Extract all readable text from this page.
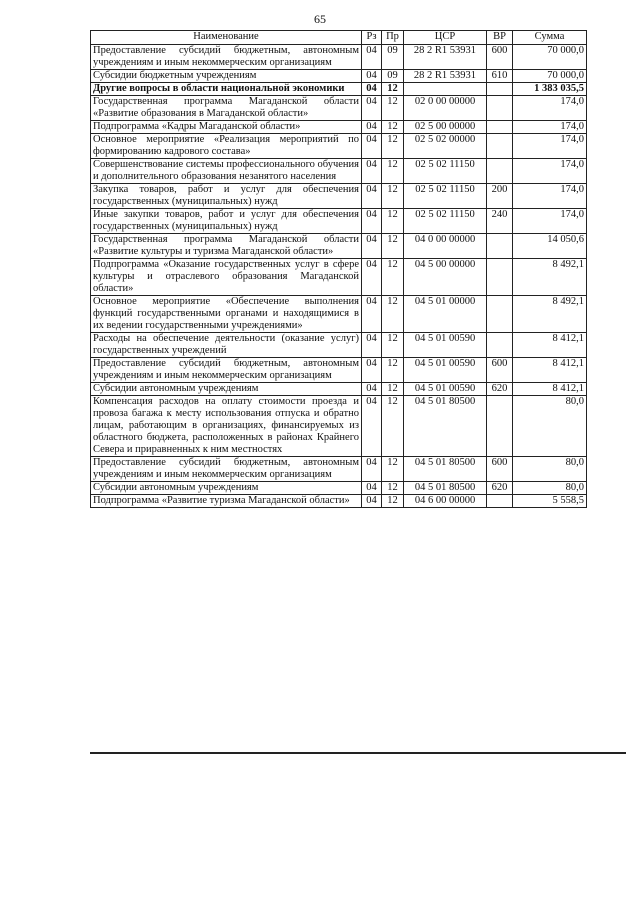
65
Наименование	Рз	Пр	ЦСР	ВР	Сумма
Предоставление субсидий бюджетным, автономным учреждениям и иным некоммерческим организациям	04	09	28 2 R1 53931	600	70 000,0
Субсидии бюджетным учреждениям	04	09	28 2 R1 53931	610	70 000,0
Другие вопросы в области национальной экономики	04	12			1 383 035,5
Государственная программа Магаданской области «Развитие образования в Магаданской области»	04	12	02 0 00 00000		174,0
Подпрограмма «Кадры Магаданской области»	04	12	02 5 00 00000		174,0
Основное мероприятие «Реализация мероприятий по формированию кадрового состава»	04	12	02 5 02 00000		174,0
Совершенствование системы профессионального обучения и дополнительного образования незанятого населения	04	12	02 5 02 11150		174,0
Закупка товаров, работ и услуг для обеспечения государственных (муниципальных) нужд	04	12	02 5 02 11150	200	174,0
Иные закупки товаров, работ и услуг для обеспечения государственных (муниципальных) нужд	04	12	02 5 02 11150	240	174,0
Государственная программа Магаданской области «Развитие культуры и туризма Магаданской области»	04	12	04 0 00 00000		14 050,6
Подпрограмма «Оказание государственных услуг в сфере культуры и отраслевого образования Магаданской области»	04	12	04 5 00 00000		8 492,1
Основное мероприятие «Обеспечение выполнения функций государственными органами и находящимися в их ведении государственными учреждениями»	04	12	04 5 01 00000		8 492,1
Расходы на обеспечение деятельности (оказание услуг) государственных учреждений	04	12	04 5 01 00590		8 412,1
Предоставление субсидий бюджетным, автономным учреждениям и иным некоммерческим организациям	04	12	04 5 01 00590	600	8 412,1
Субсидии автономным учреждениям	04	12	04 5 01 00590	620	8 412,1
Компенсация расходов на оплату стоимости проезда и провоза багажа к месту использования отпуска и обратно лицам, работающим в организациях, финансируемых из областного бюджета, расположенных в районах Крайнего Севера и приравненных к ним местностях	04	12	04 5 01 80500		80,0
Предоставление субсидий бюджетным, автономным учреждениям и иным некоммерческим организациям	04	12	04 5 01 80500	600	80,0
Субсидии автономным учреждениям	04	12	04 5 01 80500	620	80,0
Подпрограмма «Развитие туризма Магаданской области»	04	12	04 6 00 00000		5 558,5
